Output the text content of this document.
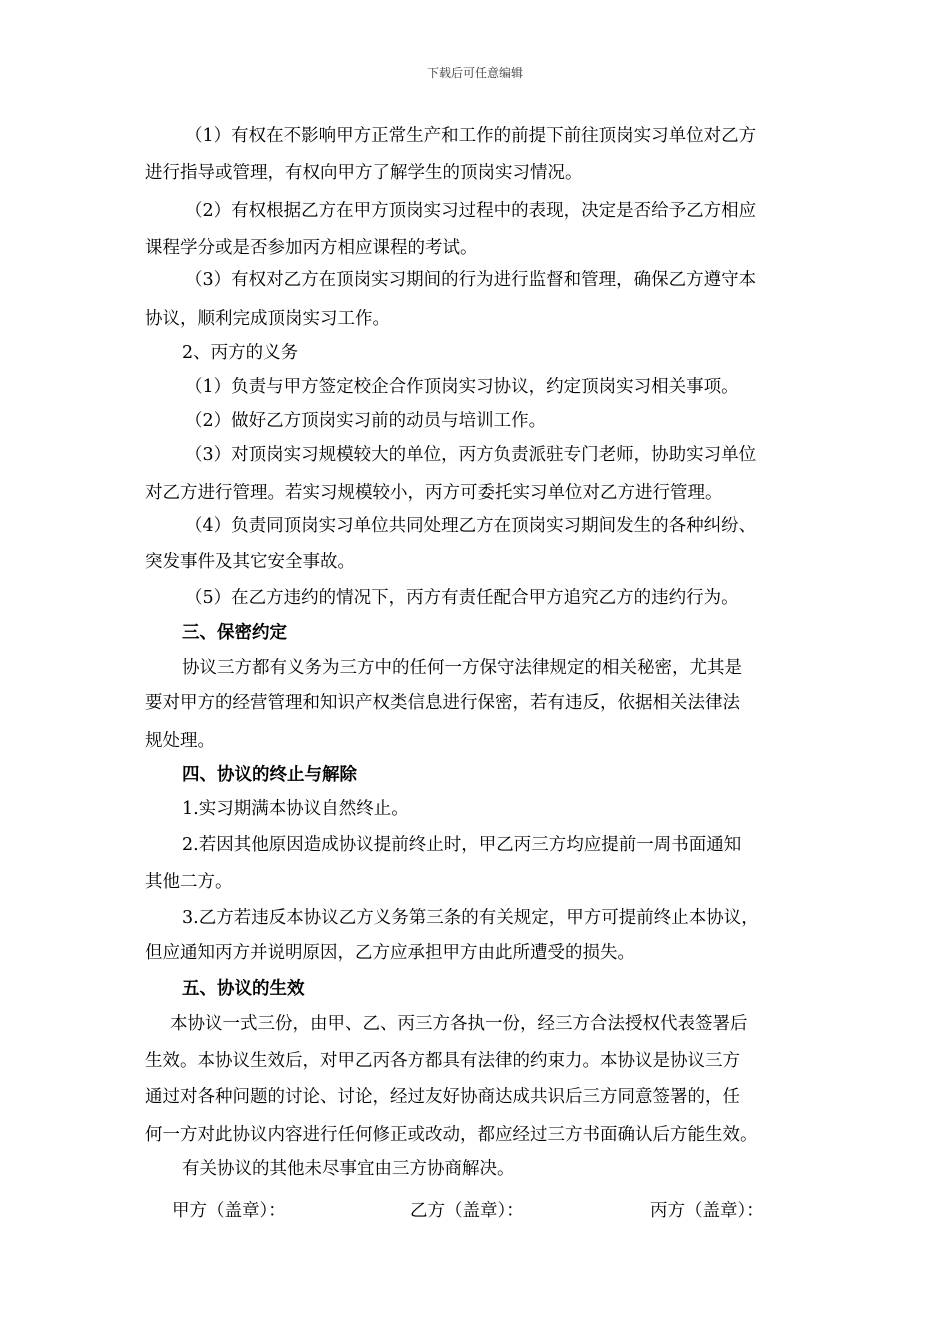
下载后可任意编辑
（1）有权在不影响甲方正常生产和工作的前提下前往顶岗实习单位对乙方
进行指导或管理，有权向甲方了解学生的顶岗实习情况。
（2）有权根据乙方在甲方顶岗实习过程中的表现，决定是否给予乙方相应
课程学分或是否参加丙方相应课程的考试。
（3）有权对乙方在顶岗实习期间的行为进行监督和管理，确保乙方遵守本
协议，顺利完成顶岗实习工作。
2、丙方的义务
（1）负责与甲方签定校企合作顶岗实习协议，约定顶岗实习相关事项。
（2）做好乙方顶岗实习前的动员与培训工作。
（3）对顶岗实习规模较大的单位，丙方负责派驻专门老师，协助实习单位
对乙方进行管理。若实习规模较小，丙方可委托实习单位对乙方进行管理。
（4）负责同顶岗实习单位共同处理乙方在顶岗实习期间发生的各种纠纷、
突发事件及其它安全事故。
（5）在乙方违约的情况下，丙方有责任配合甲方追究乙方的违约行为。
三、保密约定
协议三方都有义务为三方中的任何一方保守法律规定的相关秘密，尤其是
要对甲方的经营管理和知识产权类信息进行保密，若有违反，依据相关法律法
规处理。
四、协议的终止与解除
1.实习期满本协议自然终止。
2.若因其他原因造成协议提前终止时，甲乙丙三方均应提前一周书面通知
其他二方。
3.乙方若违反本协议乙方义务第三条的有关规定，甲方可提前终止本协议，
但应通知丙方并说明原因，乙方应承担甲方由此所遭受的损失。
五、协议的生效
本协议一式三份，由甲、乙、丙三方各执一份，经三方合法授权代表签署后
生效。本协议生效后，对甲乙丙各方都具有法律的约束力。本协议是协议三方
通过对各种问题的讨论、讨论，经过友好协商达成共识后三方同意签署的，任
何一方对此协议内容进行任何修正或改动，都应经过三方书面确认后方能生效。
有关协议的其他未尽事宜由三方协商解决。
甲方（盖章）：	乙方（盖章）：	丙方（盖章）：
